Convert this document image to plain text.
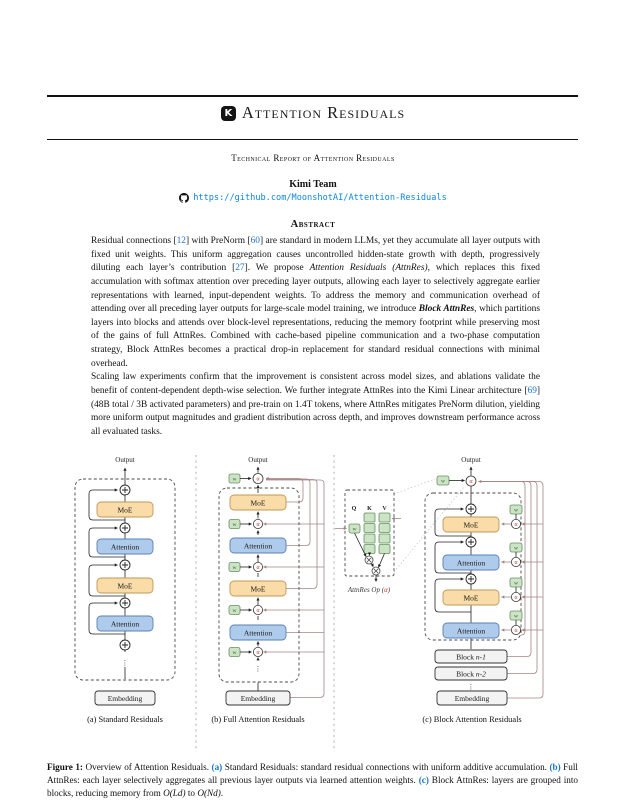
K Attention Residuals
Technical Report of Attention Residuals
Kimi Team
https://github.com/MoonshotAI/Attention-Residuals
Abstract

Residual connections [12] with PreNorm [60] are standard in modern LLMs, yet they accumulate all layer outputs with fixed unit weights. This uniform aggregation causes uncontrolled hidden-state growth with depth, progressively diluting each layer’s contribution [27]. We propose Attention Residuals (AttnRes), which replaces this fixed accumulation with softmax attention over preceding layer outputs, allowing each layer to selectively aggregate earlier representations with learned, input-dependent weights. To address the memory and communication overhead of attending over all preceding layer outputs for large-scale model training, we introduce Block AttnRes, which partitions layers into blocks and attends over block-level representations, reducing the memory footprint while preserving most of the gains of full AttnRes. Combined with cache-based pipeline communication and a two-phase computation strategy, Block AttnRes becomes a practical drop-in replacement for standard residual connections with minimal overhead.

Scaling law experiments confirm that the improvement is consistent across model sizes, and ablations validate the benefit of content-dependent depth-wise selection. We further integrate AttnRes into the Kimi Linear architecture [69] (48B total / 3B activated parameters) and pre-train on 1.4T tokens, where AttnRes mitigates PreNorm dilution, yielding more uniform output magnitudes and gradient distribution across depth, and improves downstream performance across all evaluated tasks.

Output
MoE
Attention
MoE
Attention
⋮
Embedding
(a) Standard Residuals
Output
w	α
w	α
w	α
w	α
w	α
MoE
Attention
MoE
Attention
⋮
Embedding
(b) Full Attention Residuals
Q K V
w
AttnRes Op (α)
Output
w	α
MoE
Attention
MoE
Attention
w
α
w
α
w
α
w
α
Block n-1
Block n-2
⋮
Embedding
(c) Block Attention Residuals
Figure 1: Overview of Attention Residuals. (a) Standard Residuals: standard residual connections with uniform additive accumulation. (b) Full AttnRes: each layer selectively aggregates all previous layer outputs via learned attention weights. (c) Block AttnRes: layers are grouped into blocks, reducing memory from O(Ld) to O(Nd).
